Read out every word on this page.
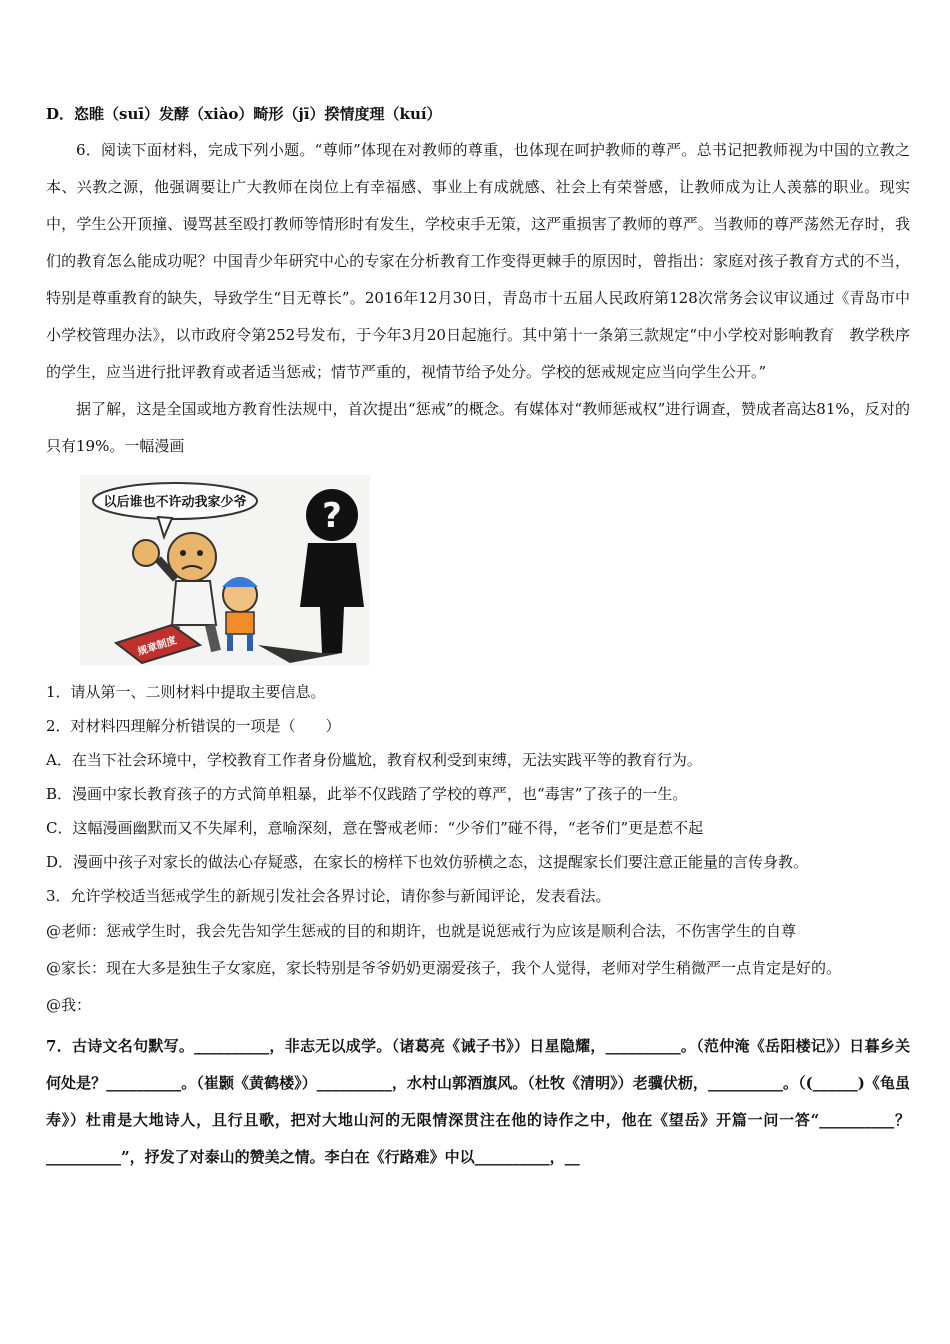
D．恣睢（suī）发酵（xiào）畸形（jī）揆情度理（kuí）
6．阅读下面材料，完成下列小题。“尊师”体现在对教师的尊重，也体现在呵护教师的尊严。总书记把教师视为中国的立教之本、兴教之源，他强调要让广大教师在岗位上有幸福感、事业上有成就感、社会上有荣誉感，让教师成为让人羡慕的职业。现实中，学生公开顶撞、谩骂甚至殴打教师等情形时有发生，学校束手无策，这严重损害了教师的尊严。当教师的尊严荡然无存时，我们的教育怎么能成功呢？中国青少年研究中心的专家在分析教育工作变得更棘手的原因时，曾指出：家庭对孩子教育方式的不当，特别是尊重教育的缺失，导致学生“目无尊长”。2016年12月30日，青岛市十五届人民政府第128次常务会议审议通过《青岛市中小学校管理办法》，以市政府令第252号发布，于今年3月20日起施行。其中第十一条第三款规定“中小学校对影响教育　教学秩序的学生，应当进行批评教育或者适当惩戒；情节严重的，视情节给予处分。学校的惩戒规定应当向学生公开。”
据了解，这是全国或地方教育性法规中，首次提出“惩戒”的概念。有媒体对“教师惩戒权”进行调查，赞成者高达81%，反对的只有19%。一幅漫画
以后谁也不许动我家少爷
规章制度
?
1．请从第一、二则材料中提取主要信息。
2．对材料四理解分析错误的一项是（　　）
A．在当下社会环境中，学校教育工作者身份尴尬，教育权利受到束缚，无法实践平等的教育行为。
B．漫画中家长教育孩子的方式简单粗暴，此举不仅践踏了学校的尊严，也“毒害”了孩子的一生。
C．这幅漫画幽默而又不失犀利，意喻深刻，意在警戒老师：“少爷们”碰不得，“老爷们”更是惹不起
D．漫画中孩子对家长的做法心存疑惑，在家长的榜样下也效仿骄横之态，这提醒家长们要注意正能量的言传身教。
3．允许学校适当惩戒学生的新规引发社会各界讨论，请你参与新闻评论，发表看法。
@老师：惩戒学生时，我会先告知学生惩戒的目的和期许，也就是说惩戒行为应该是顺利合法，不伤害学生的自尊
@家长：现在大多是独生子女家庭，家长特别是爷爷奶奶更溺爱孩子，我个人觉得，老师对学生稍微严一点肯定是好的。
@我：
7．古诗文名句默写。__________，非志无以成学。（诸葛亮《诫子书》）日星隐耀，__________。（范仲淹《岳阳楼记》）日暮乡关何处是？__________。（崔颢《黄鹤楼》）__________，水村山郭酒旗风。（杜牧《清明》）老骥伏枥，__________。（(______)《龟虽寿》）杜甫是大地诗人，且行且歌，把对大地山河的无限情深贯注在他的诗作之中，他在《望岳》开篇一问一答“__________？__________”，抒发了对泰山的赞美之情。李白在《行路难》中以__________，__
